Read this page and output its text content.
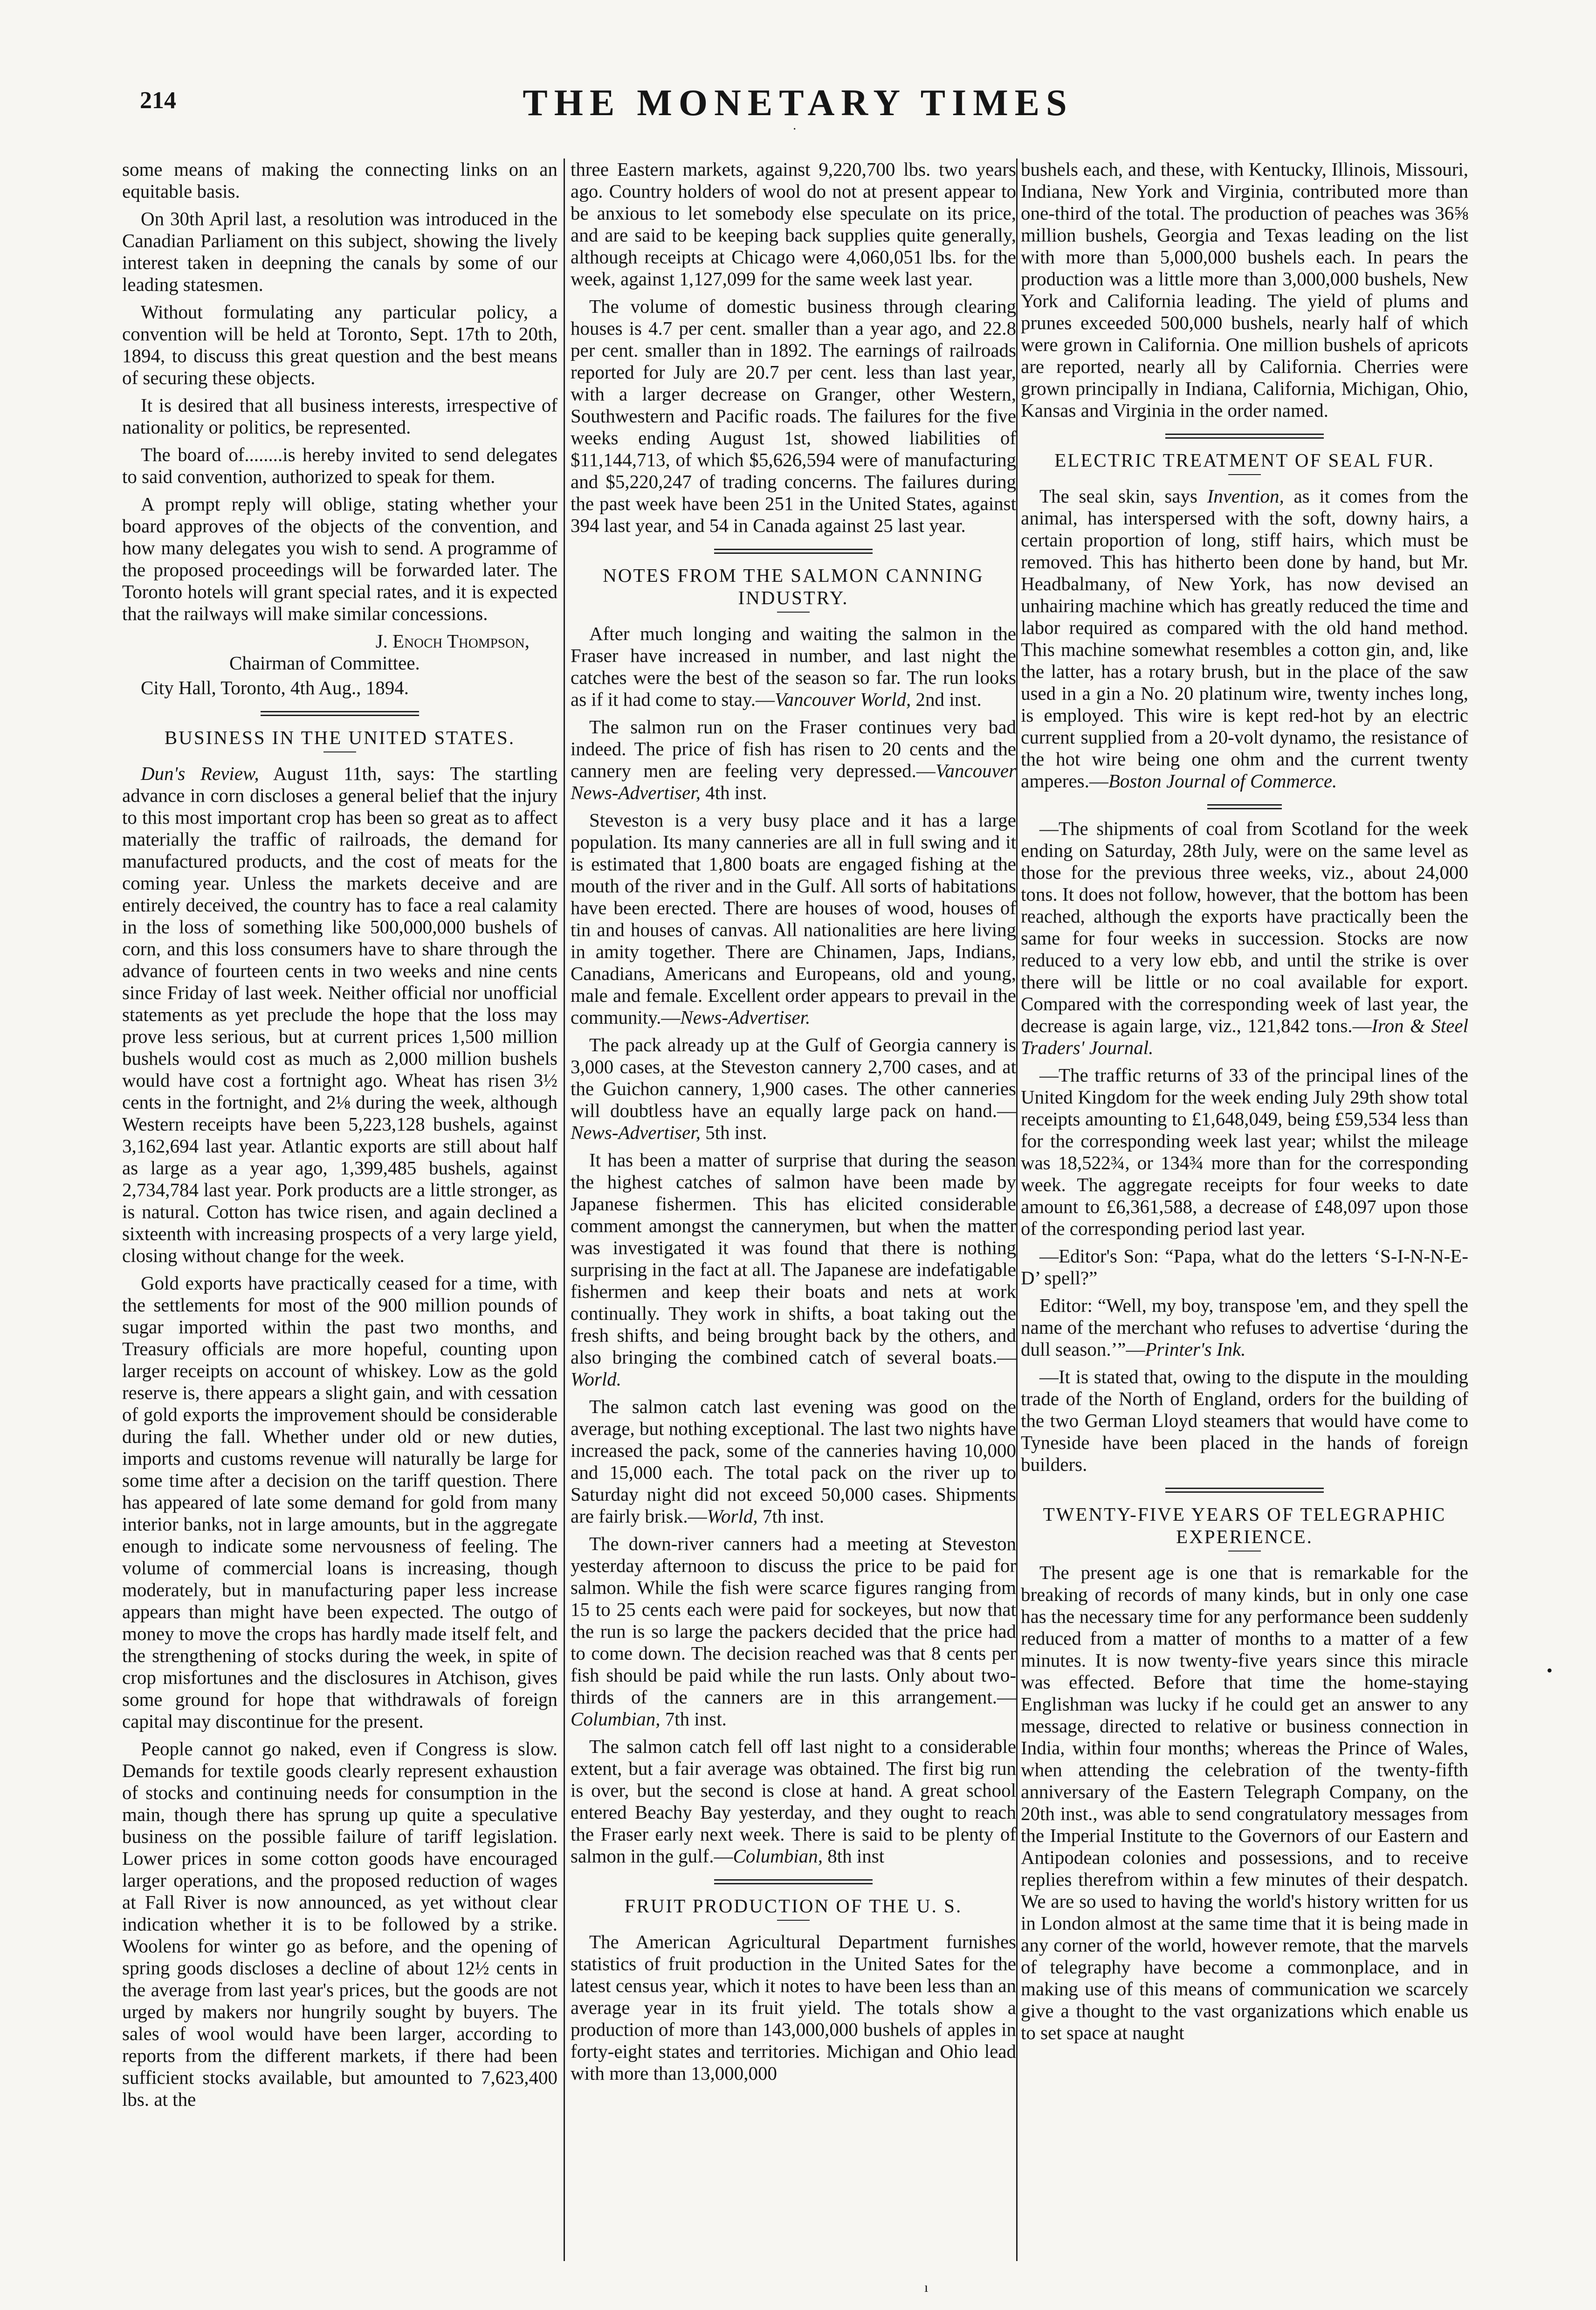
214	THE MONETARY TIMES
·

some means of making the connecting links on an equitable basis.

On 30th April last, a resolution was introduced in the Canadian Parliament on this subject, showing the lively interest taken in deepning the canals by some of our leading statesmen.

Without formulating any particular policy, a convention will be held at Toronto, Sept. 17th to 20th, 1894, to discuss this great question and the best means of securing these objects.

It is desired that all business interests, irrespective of nationality or politics, be represented.

The board of........is hereby invited to send delegates to said convention, authorized to speak for them.

A prompt reply will oblige, stating whether your board approves of the objects of the convention, and how many delegates you wish to send. A programme of the proposed proceedings will be forwarded later. The Toronto hotels will grant special rates, and it is expected that the railways will make similar concessions.

J. Enoch Thompson,

Chairman of Committee.

City Hall, Toronto, 4th Aug., 1894.

BUSINESS IN THE UNITED STATES.

Dun's Review, August 11th, says: The startling advance in corn discloses a general belief that the injury to this most important crop has been so great as to affect materially the traffic of railroads, the demand for manufactured products, and the cost of meats for the coming year. Unless the markets deceive and are entirely deceived, the country has to face a real calamity in the loss of something like 500,000,000 bushels of corn, and this loss consumers have to share through the advance of fourteen cents in two weeks and nine cents since Friday of last week. Neither official nor unofficial statements as yet preclude the hope that the loss may prove less serious, but at current prices 1,500 million bushels would cost as much as 2,000 million bushels would have cost a fortnight ago. Wheat has risen 3½ cents in the fortnight, and 2⅛ during the week, although Western receipts have been 5,223,128 bushels, against 3,162,694 last year. Atlantic exports are still about half as large as a year ago, 1,399,485 bushels, against 2,734,784 last year. Pork products are a little stronger, as is natural. Cotton has twice risen, and again declined a sixteenth with increasing prospects of a very large yield, closing without change for the week.

Gold exports have practically ceased for a time, with the settlements for most of the 900 million pounds of sugar imported within the past two months, and Treasury officials are more hopeful, counting upon larger receipts on account of whiskey. Low as the gold reserve is, there appears a slight gain, and with cessation of gold exports the improvement should be considerable during the fall. Whether under old or new duties, imports and customs revenue will naturally be large for some time after a decision on the tariff question. There has appeared of late some demand for gold from many interior banks, not in large amounts, but in the aggregate enough to indicate some nervousness of feeling. The volume of commercial loans is increasing, though moderately, but in manufacturing paper less increase appears than might have been expected. The outgo of money to move the crops has hardly made itself felt, and the strengthening of stocks during the week, in spite of crop misfortunes and the disclosures in Atchison, gives some ground for hope that withdrawals of foreign capital may discontinue for the present.

People cannot go naked, even if Congress is slow. Demands for textile goods clearly represent exhaustion of stocks and continuing needs for consumption in the main, though there has sprung up quite a speculative business on the possible failure of tariff legislation. Lower prices in some cotton goods have encouraged larger operations, and the proposed reduction of wages at Fall River is now announced, as yet without clear indication whether it is to be followed by a strike. Woolens for winter go as before, and the opening of spring goods discloses a decline of about 12½ cents in the average from last year's prices, but the goods are not urged by makers nor hungrily sought by buyers. The sales of wool would have been larger, according to reports from the different markets, if there had been sufficient stocks available, but amounted to 7,623,400 lbs. at the

three Eastern markets, against 9,220,700 lbs. two years ago. Country holders of wool do not at present appear to be anxious to let somebody else speculate on its price, and are said to be keeping back supplies quite generally, although receipts at Chicago were 4,060,051 lbs. for the week, against 1,127,099 for the same week last year.

The volume of domestic business through clearing houses is 4.7 per cent. smaller than a year ago, and 22.8 per cent. smaller than in 1892. The earnings of railroads reported for July are 20.7 per cent. less than last year, with a larger decrease on Granger, other Western, Southwestern and Pacific roads. The failures for the five weeks ending August 1st, showed liabilities of $11,144,713, of which $5,626,594 were of manufacturing and $5,220,247 of trading concerns. The failures during the past week have been 251 in the United States, against 394 last year, and 54 in Canada against 25 last year.

NOTES FROM THE SALMON CANNING INDUSTRY.

After much longing and waiting the salmon in the Fraser have increased in number, and last night the catches were the best of the season so far. The run looks as if it had come to stay.—Vancouver World, 2nd inst.

The salmon run on the Fraser continues very bad indeed. The price of fish has risen to 20 cents and the cannery men are feeling very depressed.—Vancouver News-Advertiser, 4th inst.

Steveston is a very busy place and it has a large population. Its many canneries are all in full swing and it is estimated that 1,800 boats are engaged fishing at the mouth of the river and in the Gulf. All sorts of habitations have been erected. There are houses of wood, houses of tin and houses of canvas. All nationalities are here living in amity together. There are Chinamen, Japs, Indians, Canadians, Americans and Europeans, old and young, male and female. Excellent order appears to prevail in the community.—News-Advertiser.

The pack already up at the Gulf of Georgia cannery is 3,000 cases, at the Steveston cannery 2,700 cases, and at the Guichon cannery, 1,900 cases. The other canneries will doubtless have an equally large pack on hand.—News-Advertiser, 5th inst.

It has been a matter of surprise that during the season the highest catches of salmon have been made by Japanese fishermen. This has elicited considerable comment amongst the cannerymen, but when the matter was investigated it was found that there is nothing surprising in the fact at all. The Japanese are indefatigable fishermen and keep their boats and nets at work continually. They work in shifts, a boat taking out the fresh shifts, and being brought back by the others, and also bringing the combined catch of several boats.—World.

The salmon catch last evening was good on the average, but nothing exceptional. The last two nights have increased the pack, some of the canneries having 10,000 and 15,000 each. The total pack on the river up to Saturday night did not exceed 50,000 cases. Shipments are fairly brisk.—World, 7th inst.

The down-river canners had a meeting at Steveston yesterday afternoon to discuss the price to be paid for salmon. While the fish were scarce figures ranging from 15 to 25 cents each were paid for sockeyes, but now that the run is so large the packers decided that the price had to come down. The decision reached was that 8 cents per fish should be paid while the run lasts. Only about two-thirds of the canners are in this arrangement.—Columbian, 7th inst.

The salmon catch fell off last night to a considerable extent, but a fair average was obtained. The first big run is over, but the second is close at hand. A great school entered Beachy Bay yesterday, and they ought to reach the Fraser early next week. There is said to be plenty of salmon in the gulf.—Columbian, 8th inst

FRUIT PRODUCTION OF THE U. S.

The American Agricultural Department furnishes statistics of fruit production in the United Sates for the latest census year, which it notes to have been less than an average year in its fruit yield. The totals show a production of more than 143,000,000 bushels of apples in forty-eight states and territories. Michigan and Ohio lead with more than 13,000,000

bushels each, and these, with Kentucky, Illinois, Missouri, Indiana, New York and Virginia, contributed more than one-third of the total. The production of peaches was 36⅝ million bushels, Georgia and Texas leading on the list with more than 5,000,000 bushels each. In pears the production was a little more than 3,000,000 bushels, New York and California leading. The yield of plums and prunes exceeded 500,000 bushels, nearly half of which were grown in California. One million bushels of apricots are reported, nearly all by California. Cherries were grown principally in Indiana, California, Michigan, Ohio, Kansas and Virginia in the order named.

ELECTRIC TREATMENT OF SEAL FUR.

The seal skin, says Invention, as it comes from the animal, has interspersed with the soft, downy hairs, a certain proportion of long, stiff hairs, which must be removed. This has hitherto been done by hand, but Mr. Headbalmany, of New York, has now devised an unhairing machine which has greatly reduced the time and labor required as compared with the old hand method. This machine somewhat resembles a cotton gin, and, like the latter, has a rotary brush, but in the place of the saw used in a gin a No. 20 platinum wire, twenty inches long, is employed. This wire is kept red-hot by an electric current supplied from a 20-volt dynamo, the resistance of the hot wire being one ohm and the current twenty amperes.—Boston Journal of Commerce.

—The shipments of coal from Scotland for the week ending on Saturday, 28th July, were on the same level as those for the previous three weeks, viz., about 24,000 tons. It does not follow, however, that the bottom has been reached, although the exports have practically been the same for four weeks in succession. Stocks are now reduced to a very low ebb, and until the strike is over there will be little or no coal available for export. Compared with the corresponding week of last year, the decrease is again large, viz., 121,842 tons.—Iron & Steel Traders' Journal.

—The traffic returns of 33 of the principal lines of the United Kingdom for the week ending July 29th show total receipts amounting to £1,648,049, being £59,534 less than for the corresponding week last year; whilst the mileage was 18,522¾, or 134¾ more than for the corresponding week. The aggregate receipts for four weeks to date amount to £6,361,588, a decrease of £48,097 upon those of the corresponding period last year.

—Editor's Son: “Papa, what do the letters ‘S-I-N-N-E-D’ spell?”

Editor: “Well, my boy, transpose 'em, and they spell the name of the merchant who refuses to advertise ‘during the dull season.’”—Printer's Ink.

—It is stated that, owing to the dispute in the moulding trade of the North of England, orders for the building of the two German Lloyd steamers that would have come to Tyneside have been placed in the hands of foreign builders.

TWENTY-FIVE YEARS OF TELEGRAPHIC EXPERIENCE.

The present age is one that is remarkable for the breaking of records of many kinds, but in only one case has the necessary time for any performance been suddenly reduced from a matter of months to a matter of a few minutes. It is now twenty-five years since this miracle was effected. Before that time the home-staying Englishman was lucky if he could get an answer to any message, directed to relative or business connection in India, within four months; whereas the Prince of Wales, when attending the celebration of the twenty-fifth anniversary of the Eastern Telegraph Company, on the 20th inst., was able to send congratulatory messages from the Imperial Institute to the Governors of our Eastern and Antipodean colonies and possessions, and to receive replies therefrom within a few minutes of their despatch. We are so used to having the world's history written for us in London almost at the same time that it is being made in any corner of the world, however remote, that the marvels of telegraphy have become a commonplace, and in making use of this means of communication we scarcely give a thought to the vast organizations which enable us to set space at naught

•
ı
